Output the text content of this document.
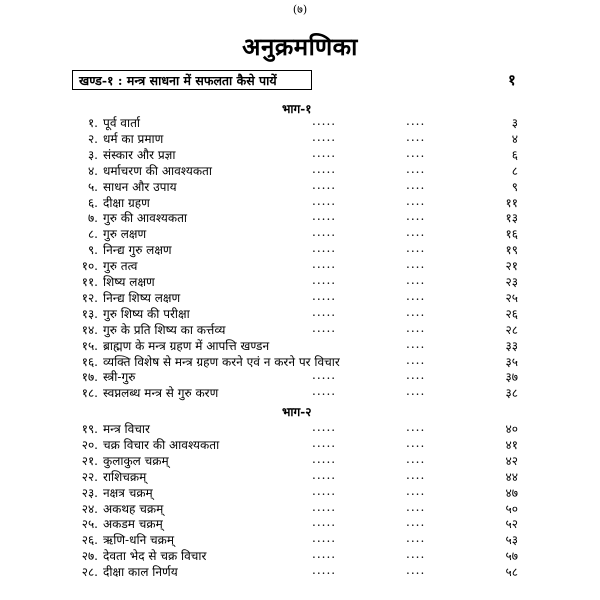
(७)
अनुक्रमणिका
खण्ड-१ : मन्त्र साधना में सफलता कैसे पायें	१
भाग-१
१. पूर्व वार्ता	.....	....	३
२. धर्म का प्रमाण	.....	....	४
३. संस्कार और प्रज्ञा	.....	....	६
४. धर्माचरण की आवश्यकता	.....	....	८
५. साधन और उपाय	.....	....	९
६. दीक्षा ग्रहण	.....	....	११
७. गुरु की आवश्यकता	.....	....	१३
८. गुरु लक्षण	.....	....	१६
९. निन्द्य गुरु लक्षण	.....	....	१९
१०. गुरु तत्व	.....	....	२१
११. शिष्य लक्षण	.....	....	२३
१२. निन्द्य शिष्य लक्षण	.....	....	२५
१३. गुरु शिष्य की परीक्षा	.....	....	२६
१४. गुरु के प्रति शिष्य का कर्त्तव्य	.....	....	२८
१५. ब्राह्मण के मन्त्र ग्रहण में आपत्ति खण्डन	....	३३
१६. व्यक्ति विशेष से मन्त्र ग्रहण करने एवं न करने पर विचार	....	३५
१७. स्त्री-गुरु	.....	....	३७
१८. स्वप्नलब्ध मन्त्र से गुरु करण	.....	....	३८
भाग-२
१९. मन्त्र विचार	.....	....	४०
२०. चक्र विचार की आवश्यकता	.....	....	४१
२१. कुलाकुल चक्रम्	.....	....	४२
२२. राशिचक्रम्	.....	....	४४
२३. नक्षत्र चक्रम्	.....	....	४७
२४. अकथह चक्रम्	.....	....	५०
२५. अकडम चक्रम्	.....	....	५२
२६. ऋणि-धनि चक्रम्	.....	....	५३
२७. देवता भेद से चक्र विचार	.....	....	५७
२८. दीक्षा काल निर्णय	.....	....	५८
